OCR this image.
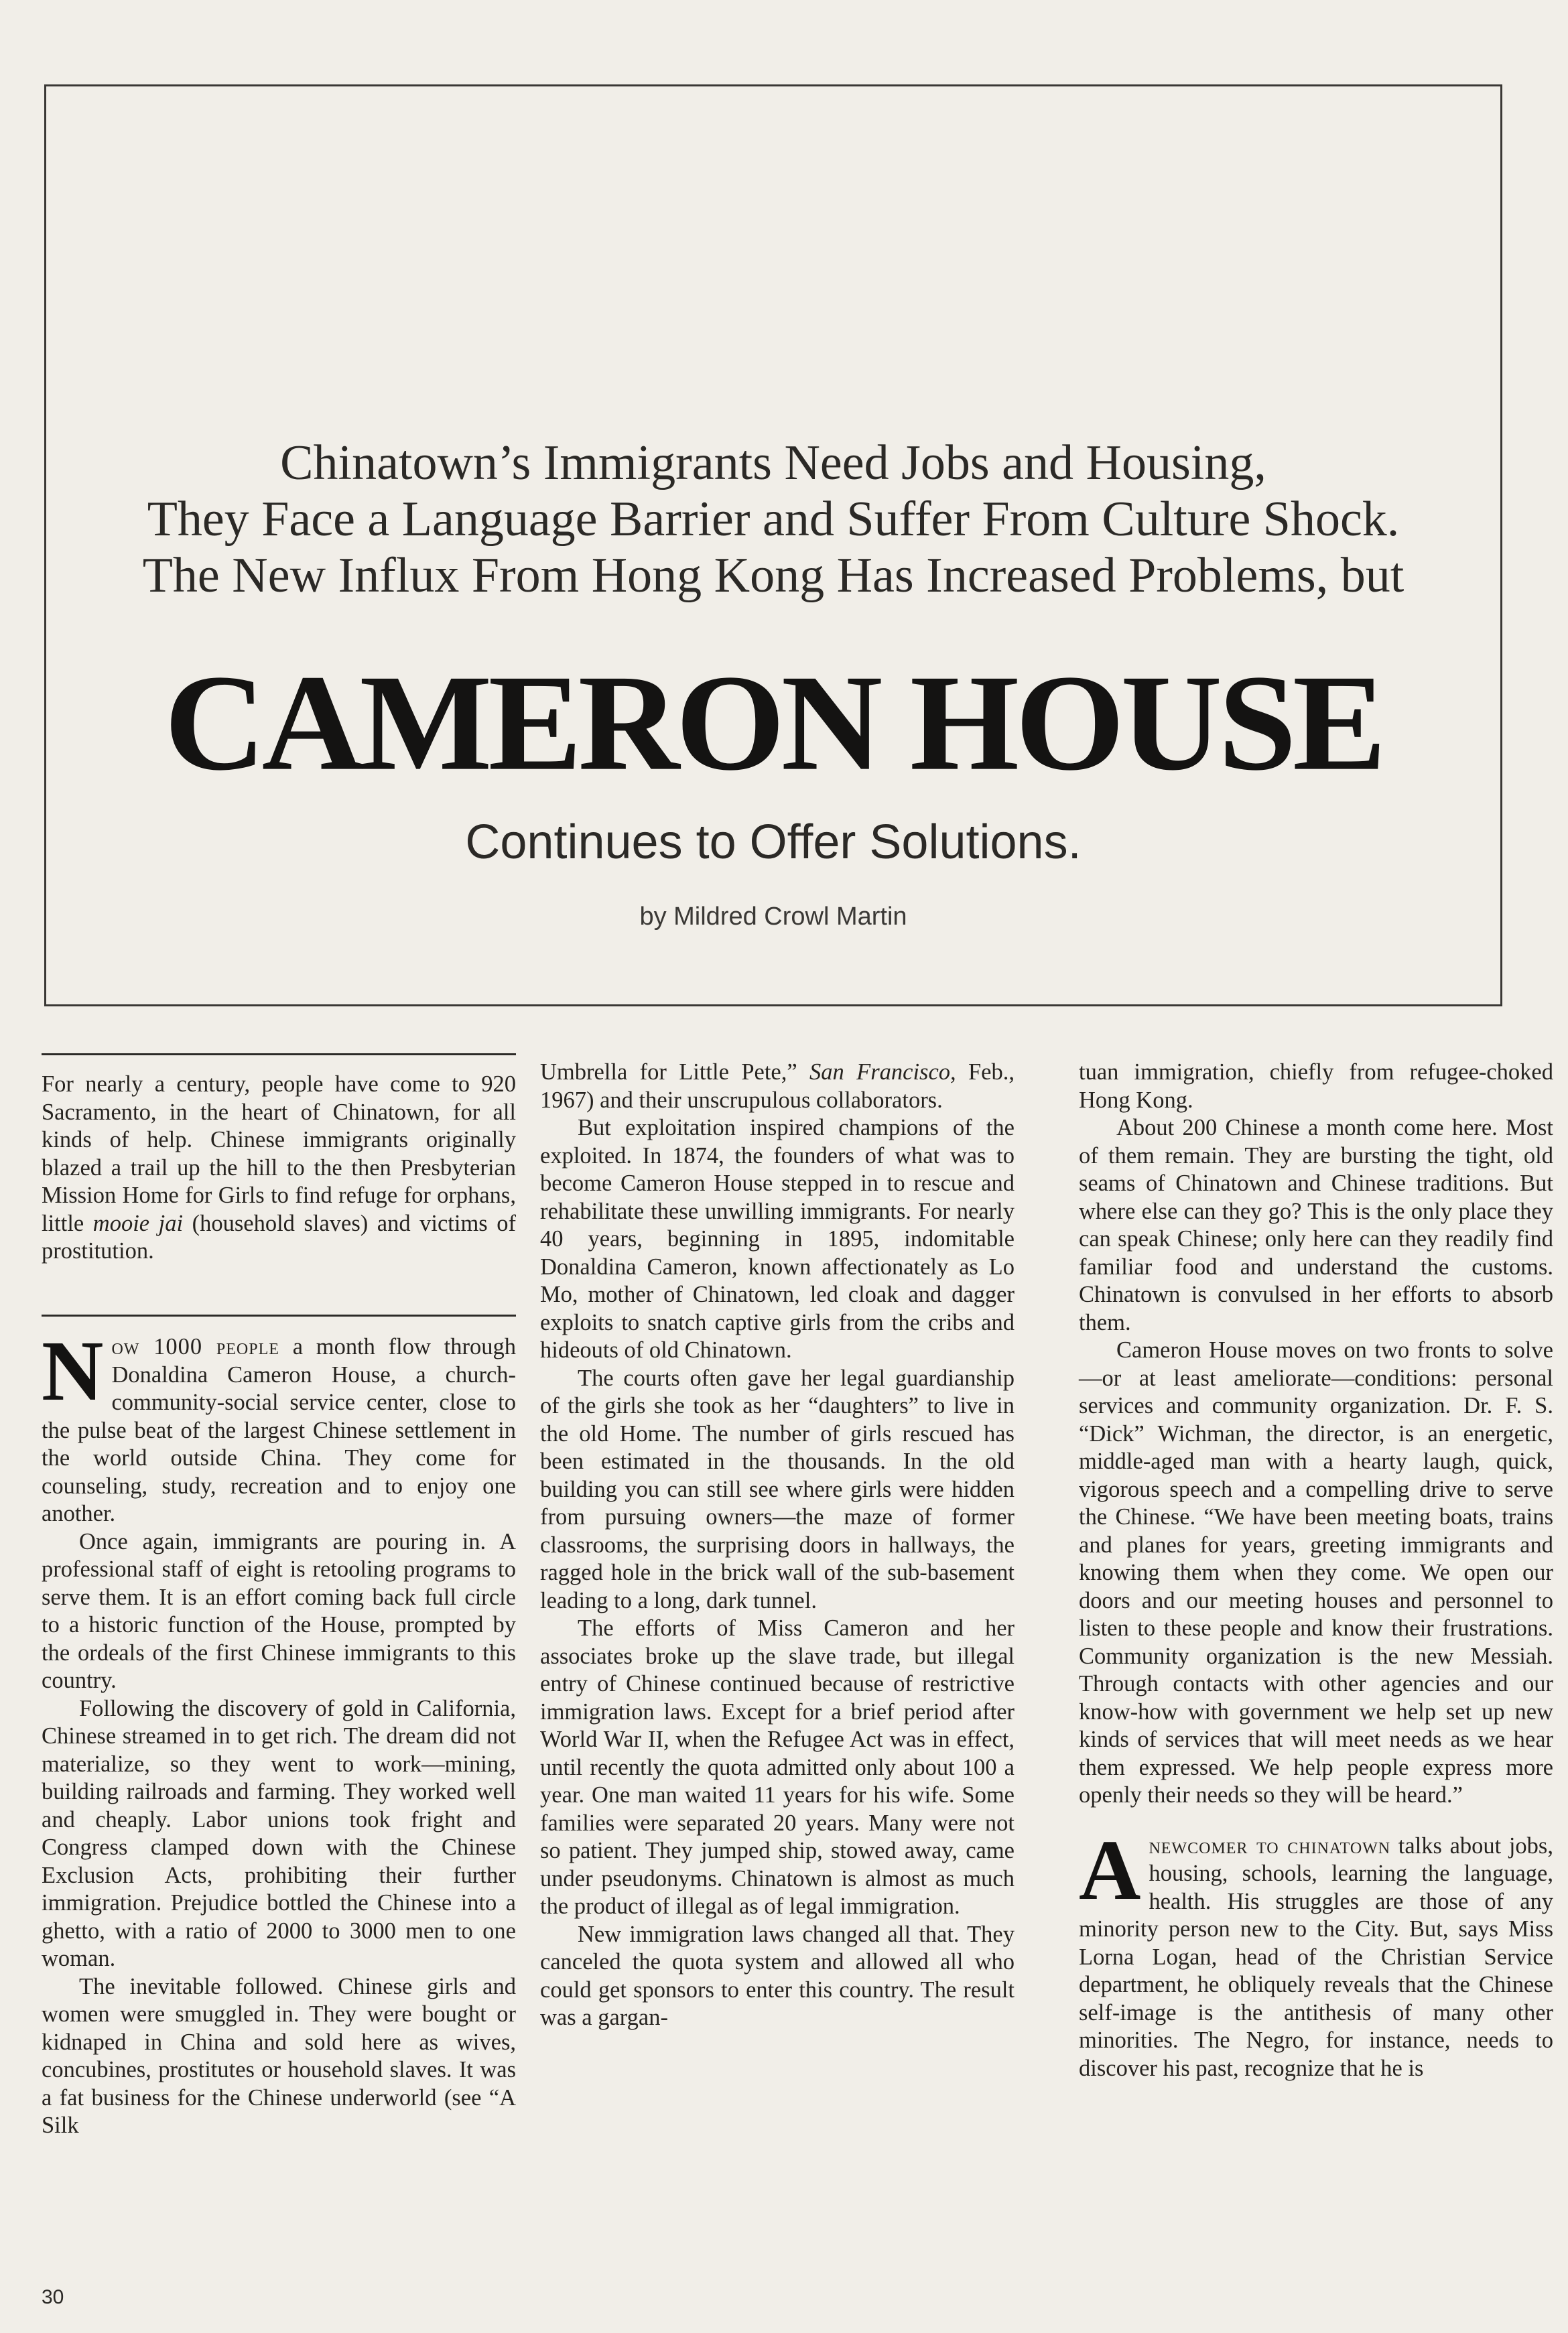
Chinatown’s Immigrants Need Jobs and Housing,
They Face a Language Barrier and Suffer From Culture Shock.
The New Influx From Hong Kong Has Increased Problems, but
CAMERON HOUSE
Continues to Offer Solutions.
by Mildred Crowl Martin

For nearly a century, people have come to 920 Sacramento, in the heart of Chinatown, for all kinds of help. Chinese immigrants originally blazed a trail up the hill to the then Presbyterian Mission Home for Girls to find refuge for orphans, little mooie jai (household slaves) and victims of prostitution.

Now 1000 people a month flow through Donaldina Cameron House, a church-community-social service center, close to the pulse beat of the largest Chinese settlement in the world outside China. They come for counseling, study, recreation and to enjoy one another.

Once again, immigrants are pouring in. A professional staff of eight is retooling programs to serve them. It is an effort coming back full circle to a historic function of the House, prompted by the ordeals of the first Chinese immigrants to this country.

Following the discovery of gold in California, Chinese streamed in to get rich. The dream did not materialize, so they went to work—mining, building railroads and farming. They worked well and cheaply. Labor unions took fright and Congress clamped down with the Chinese Exclusion Acts, prohibiting their further immigration. Prejudice bottled the Chinese into a ghetto, with a ratio of 2000 to 3000 men to one woman.

The inevitable followed. Chinese girls and women were smuggled in. They were bought or kidnaped in China and sold here as wives, concubines, prostitutes or household slaves. It was a fat business for the Chinese underworld (see “A Silk

Umbrella for Little Pete,” San Francisco, Feb., 1967) and their unscrupulous collaborators.

But exploitation inspired champions of the exploited. In 1874, the founders of what was to become Cameron House stepped in to rescue and rehabilitate these unwilling immigrants. For nearly 40 years, beginning in 1895, indomitable Donaldina Cameron, known affectionately as Lo Mo, mother of Chinatown, led cloak and dagger exploits to snatch captive girls from the cribs and hideouts of old Chinatown.

The courts often gave her legal guardianship of the girls she took as her “daughters” to live in the old Home. The number of girls rescued has been estimated in the thousands. In the old building you can still see where girls were hidden from pursuing owners—the maze of former classrooms, the surprising doors in hallways, the ragged hole in the brick wall of the sub-basement leading to a long, dark tunnel.

The efforts of Miss Cameron and her associates broke up the slave trade, but illegal entry of Chinese continued because of restrictive immigration laws. Except for a brief period after World War II, when the Refugee Act was in effect, until recently the quota admitted only about 100 a year. One man waited 11 years for his wife. Some families were separated 20 years. Many were not so patient. They jumped ship, stowed away, came under pseudonyms. Chinatown is almost as much the product of illegal as of legal immigration.

New immigration laws changed all that. They canceled the quota system and allowed all who could get sponsors to enter this country. The result was a gargan-

tuan immigration, chiefly from refugee-choked Hong Kong.

About 200 Chinese a month come here. Most of them remain. They are bursting the tight, old seams of Chinatown and Chinese traditions. But where else can they go? This is the only place they can speak Chinese; only here can they readily find familiar food and understand the customs. Chinatown is convulsed in her efforts to absorb them.

Cameron House moves on two fronts to solve—or at least ameliorate—conditions: personal services and community organization. Dr. F. S. “Dick” Wichman, the director, is an energetic, middle-aged man with a hearty laugh, quick, vigorous speech and a compelling drive to serve the Chinese. “We have been meeting boats, trains and planes for years, greeting immigrants and knowing them when they come. We open our doors and our meeting houses and personnel to listen to these people and know their frustrations. Community organization is the new Messiah. Through contacts with other agencies and our know-how with government we help set up new kinds of services that will meet needs as we hear them expressed. We help people express more openly their needs so they will be heard.”

A newcomer to chinatown talks about jobs, housing, schools, learning the language, health. His struggles are those of any minority person new to the City. But, says Miss Lorna Logan, head of the Christian Service department, he obliquely reveals that the Chinese self-image is the antithesis of many other minorities. The Negro, for instance, needs to discover his past, recognize that he is

30
